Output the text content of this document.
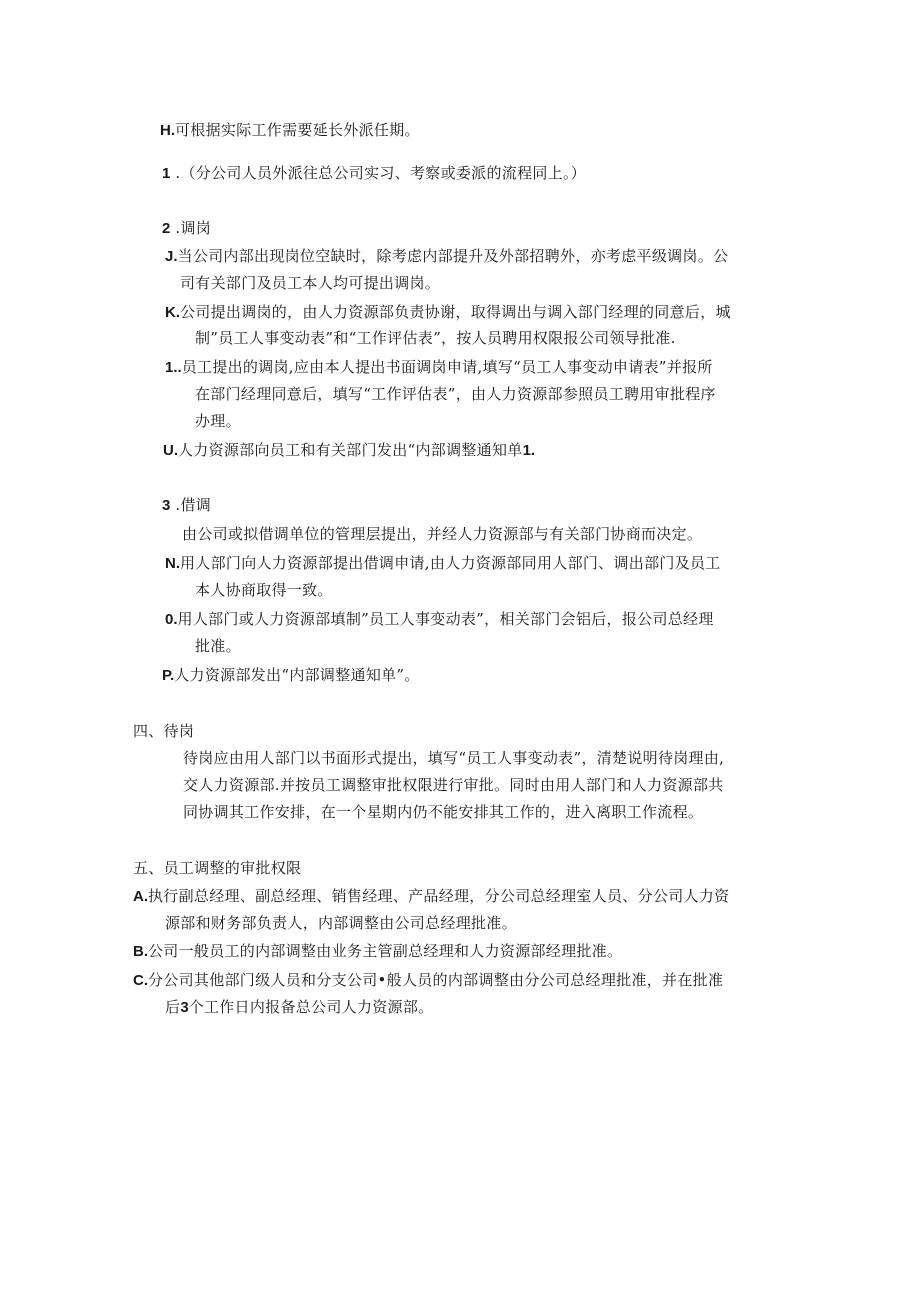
H.可根据实际工作需要延长外派任期。
1 .（分公司人员外派往总公司实习、考察或委派的流程同上。）
2 .调岗
J.当公司内部出现岗位空缺时，除考虑内部提升及外部招聘外，亦考虑平级调岗。公
司有关部门及员工本人均可提出调岗。
K.公司提出调岗的，由人力资源部负责协谢，取得调出与调入部门经理的同意后，城
制”员工人事变动表”和“工作评估表”，按人员聘用权限报公司领导批准.
1..员工提出的调岗,应由本人提出书面调岗申请,填写“员工人事变动申请表”并报所
在部门经理同意后，填写“工作评估表”，由人力资源部参照员工聘用审批程序
办理。
U.人力资源部向员工和有关部门发出“内部调整通知单1.
3 .借调
由公司或拟借调单位的管理层提出，并经人力资源部与有关部门协商而决定。
N.用人部门向人力资源部提出借调申请,由人力资源部同用人部门、调出部门及员工
本人协商取得一致。
0.用人部门或人力资源部填制”员工人事变动表”，相关部门会铝后，报公司总经理
批准。
P.人力资源部发出“内部调整通知单”。
四、待岗
待岗应由用人部门以书面形式提出，填写“员工人事变动表”，清楚说明待岗理由,
交人力资源部.并按员工调整审批权限进行审批。同时由用人部门和人力资源部共
同协调其工作安排，在一个星期内仍不能安排其工作的，进入离职工作流程。
五、员工调整的审批权限
A.执行副总经理、副总经理、销售经理、产品经理，分公司总经理室人员、分公司人力资
源部和财务部负责人，内部调整由公司总经理批准。
B.公司一般员工的内部调整由业务主管副总经理和人力资源部经理批准。
C.分公司其他部门级人员和分支公司•般人员的内部调整由分公司总经理批准，并在批准
后3个工作日内报备总公司人力资源部。
